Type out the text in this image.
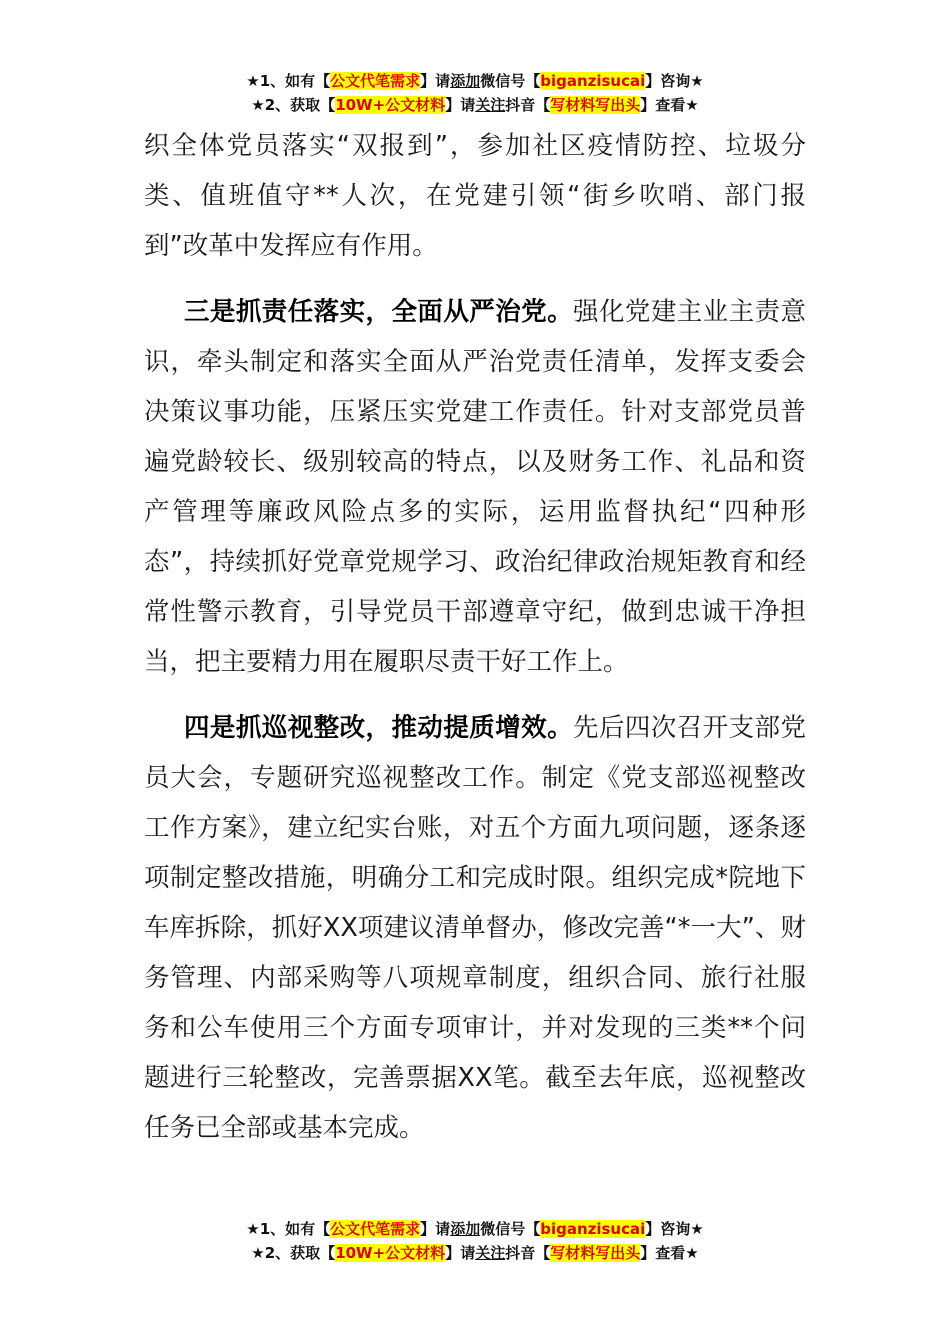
★1、如有【公文代笔需求】请添加微信号【biganzisucai】咨询★
★2、获取【10W+公文材料】请关注抖音【写材料写出头】查看★

织全体党员落实“双报到”，参加社区疫情防控、垃圾分类、值班值守**人次，在党建引领“街乡吹哨、部门报到”改革中发挥应有作用。

三是抓责任落实，全面从严治党。强化党建主业主责意识，牵头制定和落实全面从严治党责任清单，发挥支委会决策议事功能，压紧压实党建工作责任。针对支部党员普遍党龄较长、级别较高的特点，以及财务工作、礼品和资产管理等廉政风险点多的实际，运用监督执纪“四种形态”，持续抓好党章党规学习、政治纪律政治规矩教育和经常性警示教育，引导党员干部遵章守纪，做到忠诚干净担当，把主要精力用在履职尽责干好工作上。

四是抓巡视整改，推动提质增效。先后四次召开支部党员大会，专题研究巡视整改工作。制定《党支部巡视整改工作方案》，建立纪实台账，对五个方面九项问题，逐条逐项制定整改措施，明确分工和完成时限。组织完成*院地下车库拆除，抓好XX项建议清单督办，修改完善“*一大”、财务管理、内部采购等八项规章制度，组织合同、旅行社服务和公车使用三个方面专项审计，并对发现的三类**个问题进行三轮整改，完善票据XX笔。截至去年底，巡视整改任务已全部或基本完成。

★1、如有【公文代笔需求】请添加微信号【biganzisucai】咨询★
★2、获取【10W+公文材料】请关注抖音【写材料写出头】查看★
